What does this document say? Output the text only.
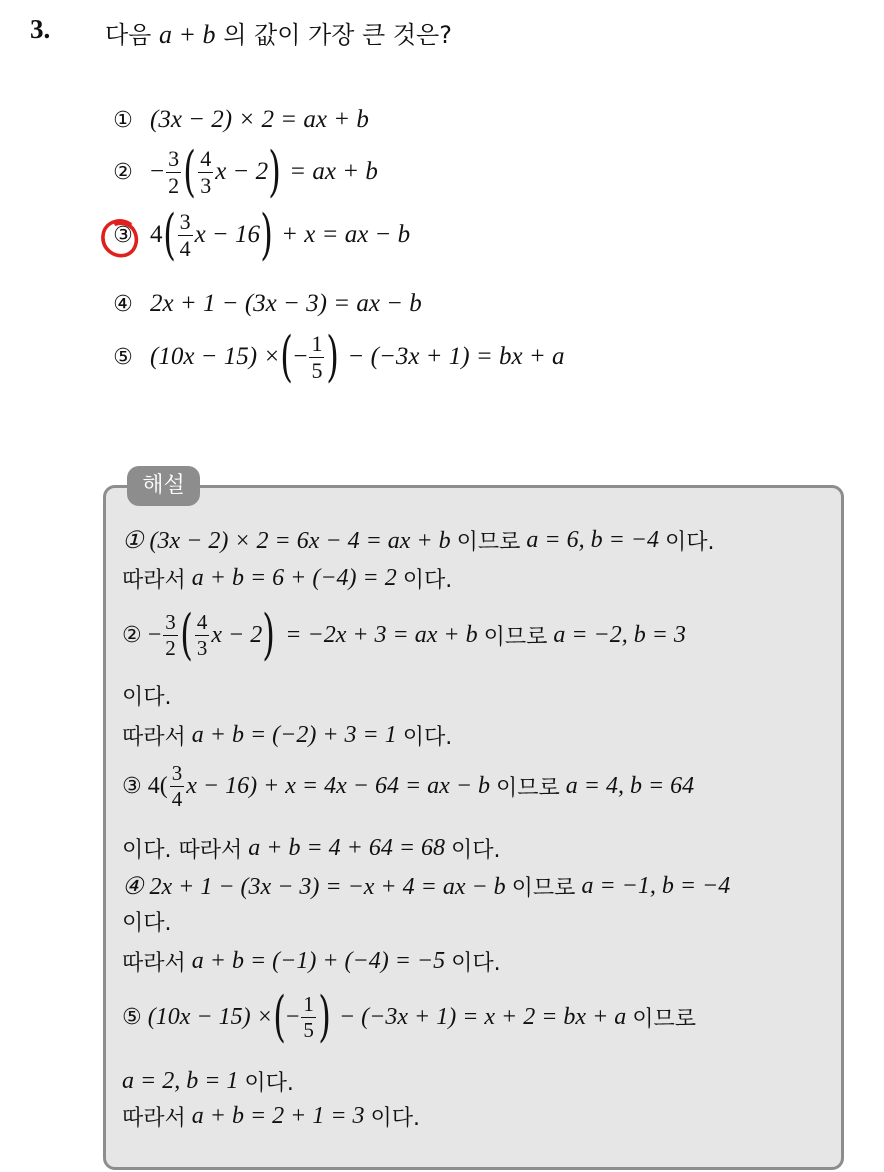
3. 다음 a + b 의 값이 가장 큰 것은?
① (3x − 2) × 2 = ax + b
② − $\frac{3}{2}$ ( $\frac{4}{3}$ x − 2 ) = ax + b
③ 4 ( $\frac{3}{4}$ x − 16 ) + x = ax − b
④ 2x + 1 − (3x − 3) = ax − b
⑤ (10x − 15) × ( − $\frac{1}{5}$ ) − (−3x + 1) = bx + a
해설
① (3x − 2) × 2 = 6x − 4 = ax + b
이므로
a = 6, b = −4
이다.
따라서
a + b = 6 + (−4) = 2
이다.
② − $\frac{3}{2}$ ( $\frac{4}{3}$ x − 2 ) = −2x + 3 = ax + b
이므로
a = −2, b = 3
이다.
따라서
a + b = (−2) + 3 = 1
이다.
③ $4( \frac{3}{4}$ x − 16) + x = 4x − 64 = ax − b
이므로
a = 4, b = 64
이다. 따라서
a + b = 4 + 64 = 68
이다.
④ 2x + 1 − (3x − 3) = −x + 4 = ax − b
이므로
a = −1, b = −4
이다.
따라서
a + b = (−1) + (−4) = −5
이다.
⑤ (10x − 15) × ( − $\frac{1}{5}$ ) − (−3x + 1) = x + 2 = bx + a
이므로
a = 2, b = 1
이다.
따라서
a + b = 2 + 1 = 3
이다.
